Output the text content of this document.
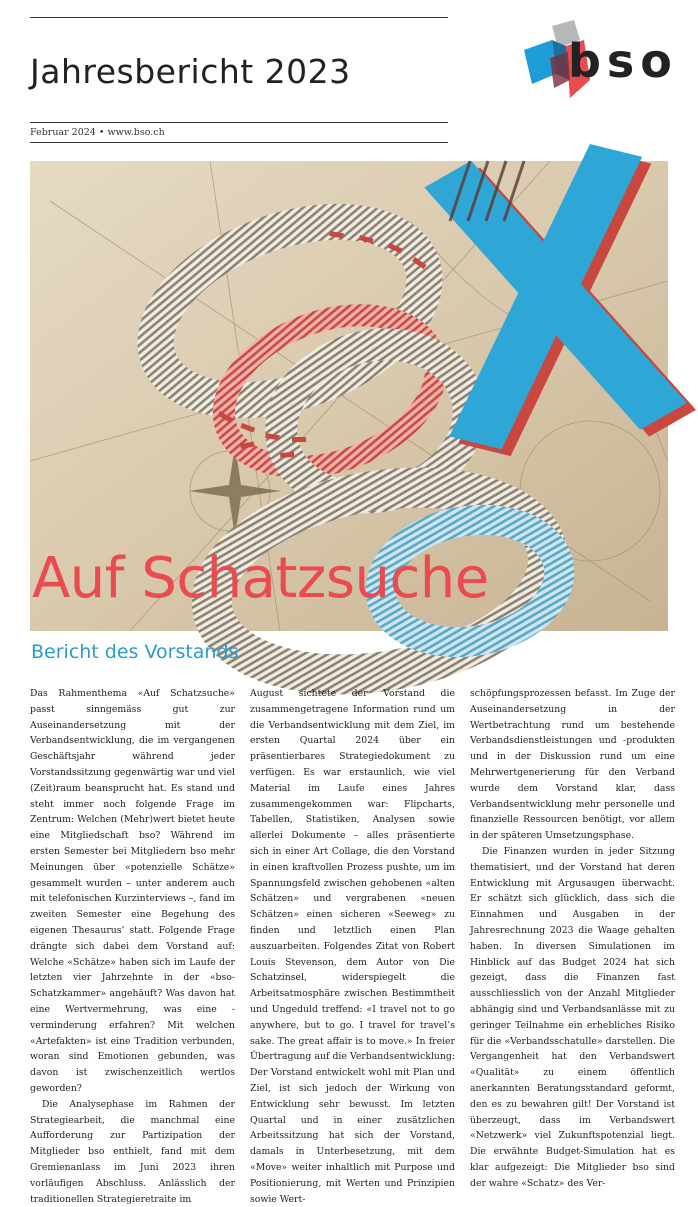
Jahresbericht 2023
Februar 2024 • www.bso.ch
bso
Auf Schatzsuche
Bericht des Vorstands

Das Rahmenthema «Auf Schatzsuche» passt sinngemäss gut zur Auseinandersetzung mit der Verbandsentwicklung, die im vergangenen Geschäftsjahr während jeder Vorstandssitzung gegenwärtig war und viel (Zeit)raum beansprucht hat. Es stand und steht immer noch folgende Frage im Zentrum: Welchen (Mehr)wert bietet heute eine Mitgliedschaft bso? Während im ersten Semester bei Mitgliedern bso mehr Meinungen über «potenzielle Schätze» gesammelt wurden – unter anderem auch mit telefonischen Kurzinterviews –, fand im zweiten Semester eine Begehung des eigenen Thesaurus’ statt. Folgende Frage drängte sich dabei dem Vorstand auf: Welche «Schätze» haben sich im Laufe der letzten vier Jahrzehnte in der «bso-Schatzkammer» angehäuft? Was davon hat eine Wertvermehrung, was eine -verminderung erfahren? Mit welchen «Artefakten» ist eine Tradition verbunden, woran sind Emotionen gebunden, was davon ist zwischenzeitlich wertlos geworden?

Die Analysephase im Rahmen der Strategiearbeit, die manchmal eine Aufforderung zur Partizipation der Mitglieder bso enthielt, fand mit dem Gremienanlass im Juni 2023 ihren vorläufigen Abschluss. Anlässlich der traditionellen Strategieretraite im

August sichtete der Vorstand die zusammengetragene Information rund um die Verbandsentwicklung mit dem Ziel, im ersten Quartal 2024 über ein präsentierbares Strategiedokument zu verfügen. Es war erstaunlich, wie viel Material im Laufe eines Jahres zusammengekommen war: Flipcharts, Tabellen, Statistiken, Analysen sowie allerlei Dokumente – alles präsentierte sich in einer Art Collage, die den Vorstand in einen kraftvollen Prozess pushte, um im Spannungsfeld zwischen gehobenen «alten Schätzen» und vergrabenen «neuen Schätzen» einen sicheren «Seeweg» zu finden und letztlich einen Plan auszuarbeiten. Folgendes Zitat von Robert Louis Stevenson, dem Autor von Die Schatzinsel, widerspiegelt die Arbeitsatmosphäre zwischen Bestimmtheit und Ungeduld treffend: «I travel not to go anywhere, but to go. I travel for travel’s sake. The great affair is to move.» In freier Übertragung auf die Verbandsentwicklung: Der Vorstand entwickelt wohl mit Plan und Ziel, ist sich jedoch der Wirkung von Entwicklung sehr bewusst. Im letzten Quartal und in einer zusätzlichen Arbeitssitzung hat sich der Vorstand, damals in Unterbesetzung, mit dem «Move» weiter inhaltlich mit Purpose und Positionierung, mit Werten und Prinzipien sowie Wert-

schöpfungsprozessen befasst. Im Zuge der Auseinandersetzung in der Wertbetrachtung rund um bestehende Verbandsdienstleistungen und -produkten und in der Diskussion rund um eine Mehrwertgenerierung für den Verband wurde dem Vorstand klar, dass Verbandsentwicklung mehr personelle und finanzielle Ressourcen benötigt, vor allem in der späteren Umsetzungsphase.

Die Finanzen wurden in jeder Sitzung thematisiert, und der Vorstand hat deren Entwicklung mit Argusaugen überwacht. Er schätzt sich glücklich, dass sich die Einnahmen und Ausgaben in der Jahresrechnung 2023 die Waage gehalten haben. In diversen Simulationen im Hinblick auf das Budget 2024 hat sich gezeigt, dass die Finanzen fast ausschliesslich von der Anzahl Mitglieder abhängig sind und Verbandsanlässe mit zu geringer Teilnahme ein erhebliches Risiko für die «Verbandsschatulle» darstellen. Die Vergangenheit hat den Verbandswert «Qualität» zu einem öffentlich anerkannten Beratungsstandard geformt, den es zu bewahren gilt! Der Vorstand ist überzeugt, dass im Verbandswert «Netzwerk» viel Zukunftspotenzial liegt. Die erwähnte Budget-Simulation hat es klar aufgezeigt: Die Mitglieder bso sind der wahre «Schatz» des Ver-
